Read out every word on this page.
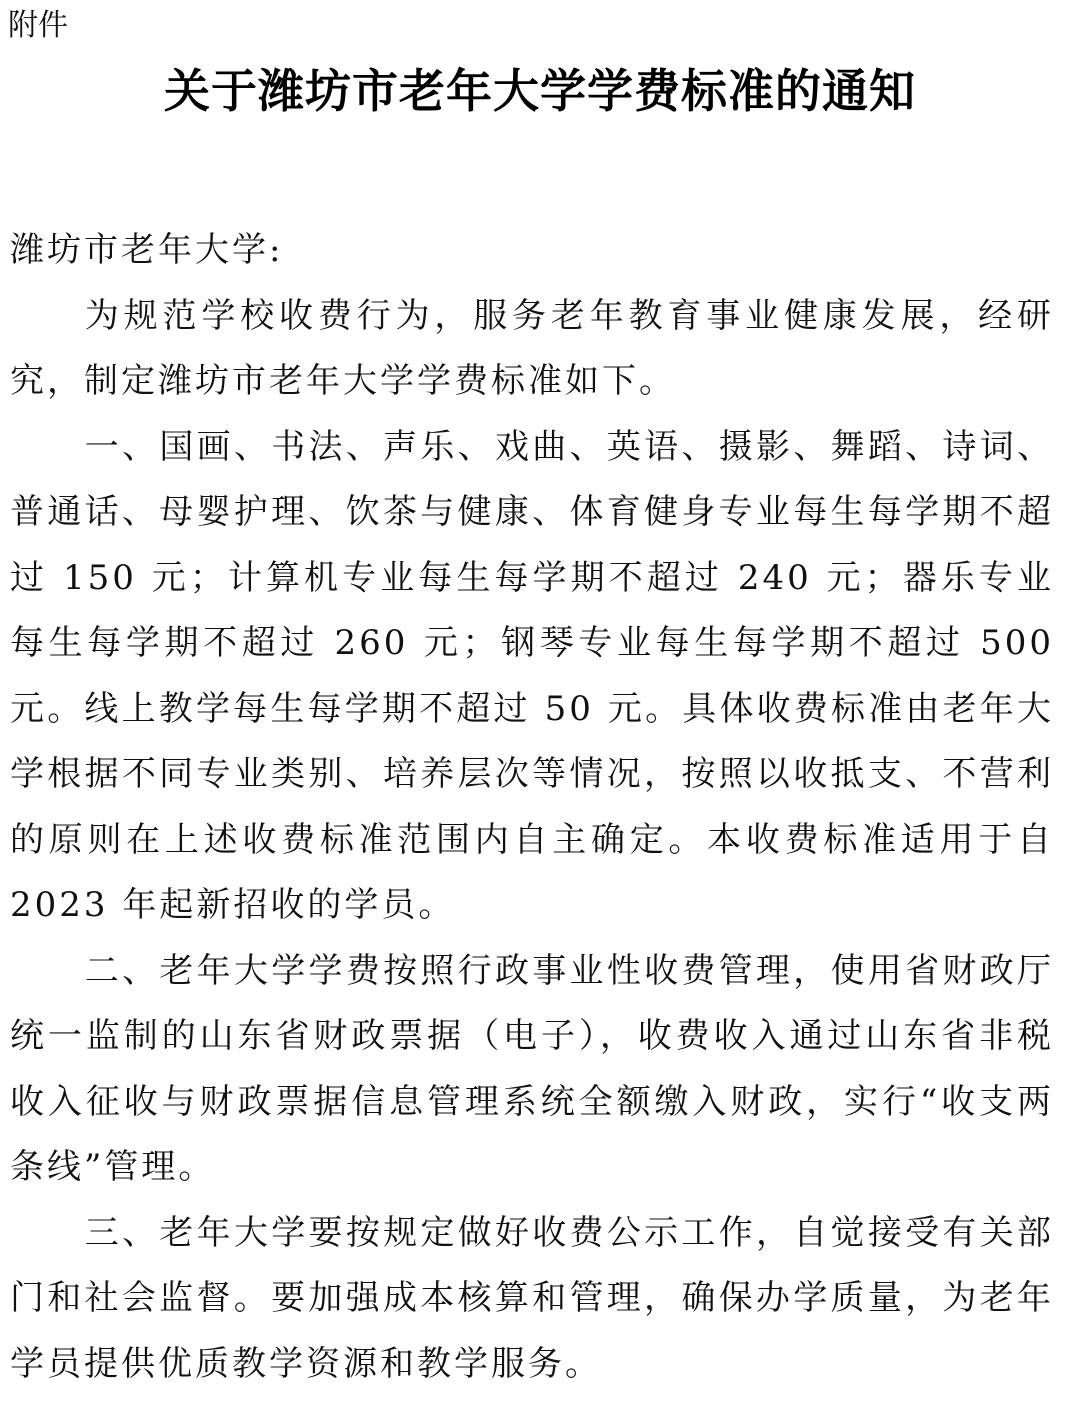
附件
关于潍坊市老年大学学费标准的通知

潍坊市老年大学:

为规范学校收费行为，服务老年教育事业健康发展，经研究，制定潍坊市老年大学学费标准如下。

一、国画、书法、声乐、戏曲、英语、摄影、舞蹈、诗词、普通话、母婴护理、饮茶与健康、体育健身专业每生每学期不超过 150 元；计算机专业每生每学期不超过 240 元；器乐专业每生每学期不超过 260 元；钢琴专业每生每学期不超过 500 元。线上教学每生每学期不超过 50 元。具体收费标准由老年大学根据不同专业类别、培养层次等情况，按照以收抵支、不营利的原则在上述收费标准范围内自主确定。本收费标准适用于自 2023 年起新招收的学员。

二、老年大学学费按照行政事业性收费管理，使用省财政厅统一监制的山东省财政票据（电子），收费收入通过山东省非税收入征收与财政票据信息管理系统全额缴入财政，实行“收支两条线”管理。

三、老年大学要按规定做好收费公示工作，自觉接受有关部门和社会监督。要加强成本核算和管理，确保办学质量，为老年学员提供优质教学资源和教学服务。
